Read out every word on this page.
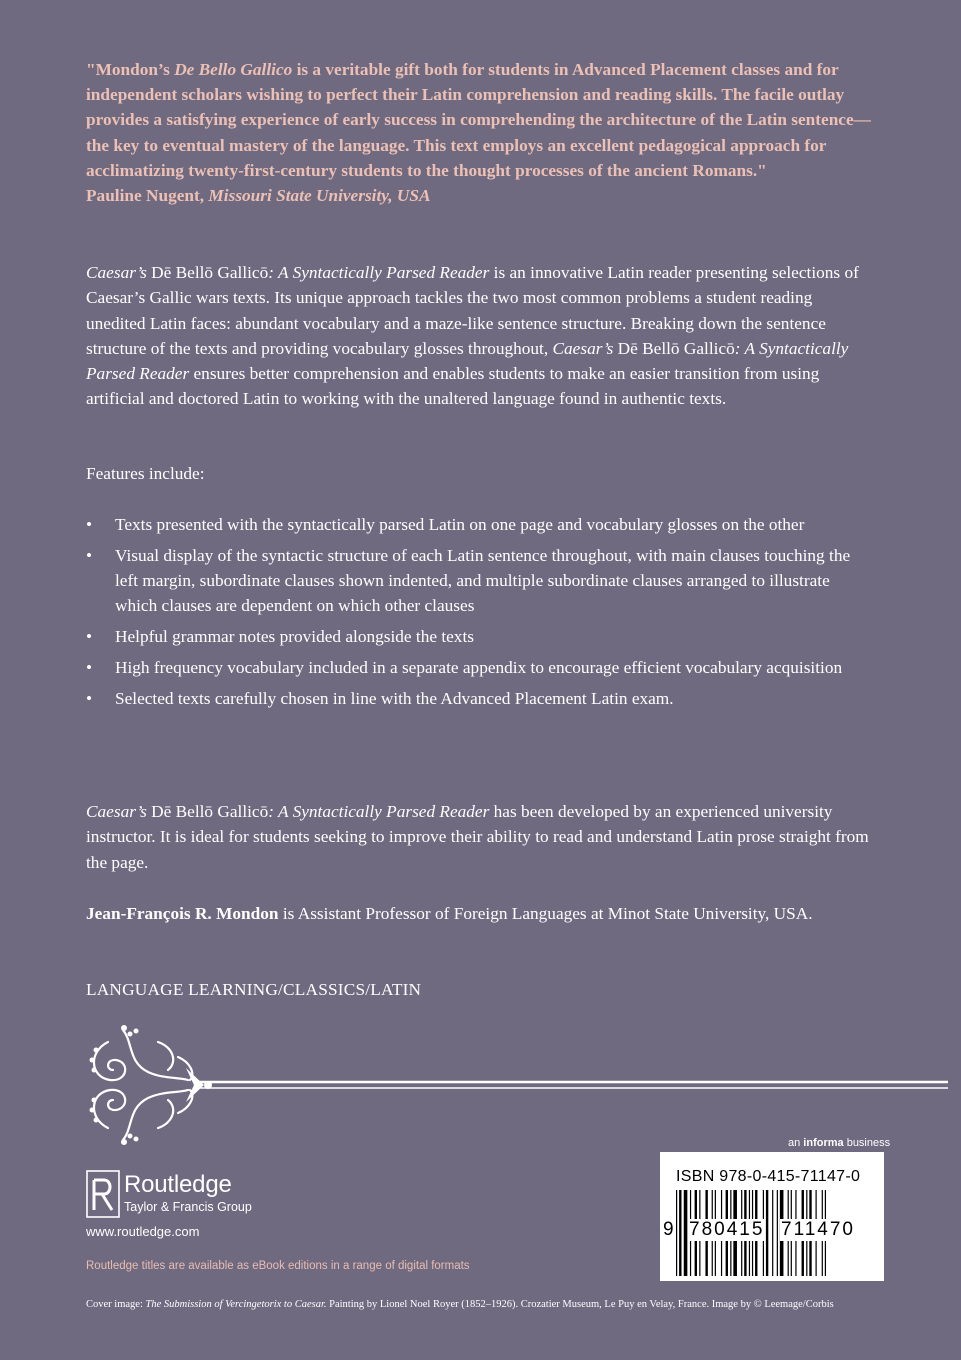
"Mondon’s De Bello Gallico is a veritable gift both for students in Advanced Placement classes and for independent scholars wishing to perfect their Latin comprehension and reading skills. The facile outlay provides a satisfying experience of early success in comprehending the architecture of the Latin sentence—the key to eventual mastery of the language. This text employs an excellent pedagogical approach for acclimatizing twenty-first-century students to the thought processes of the ancient Romans."
Pauline Nugent, Missouri State University, USA
Caesar’s Dē Bellō Gallicō: A Syntactically Parsed Reader is an innovative Latin reader presenting selections of Caesar’s Gallic wars texts. Its unique approach tackles the two most common problems a student reading unedited Latin faces: abundant vocabulary and a maze-like sentence structure. Breaking down the sentence structure of the texts and providing vocabulary glosses throughout, Caesar’s Dē Bellō Gallicō: A Syntactically Parsed Reader ensures better comprehension and enables students to make an easier transition from using artificial and doctored Latin to working with the unaltered language found in authentic texts.
Features include:
• Texts presented with the syntactically parsed Latin on one page and vocabulary glosses on the other
• Visual display of the syntactic structure of each Latin sentence throughout, with main clauses touching the left margin, subordinate clauses shown indented, and multiple subordinate clauses arranged to illustrate which clauses are dependent on which other clauses
• Helpful grammar notes provided alongside the texts
• High frequency vocabulary included in a separate appendix to encourage efficient vocabulary acquisition
• Selected texts carefully chosen in line with the Advanced Placement Latin exam.
Caesar’s Dē Bellō Gallicō: A Syntactically Parsed Reader has been developed by an experienced university instructor. It is ideal for students seeking to improve their ability to read and understand Latin prose straight from the page.
Jean-François R. Mondon is Assistant Professor of Foreign Languages at Minot State University, USA.
LANGUAGE LEARNING/CLASSICS/LATIN
an informa business
ISBN 978-0-415-71147-0
9 780415 711470
Routledge
Taylor & Francis Group
www.routledge.com
Routledge titles are available as eBook editions in a range of digital formats
Cover image: The Submission of Vercingetorix to Caesar. Painting by Lionel Noel Royer (1852–1926). Crozatier Museum, Le Puy en Velay, France. Image by © Leemage/Corbis
